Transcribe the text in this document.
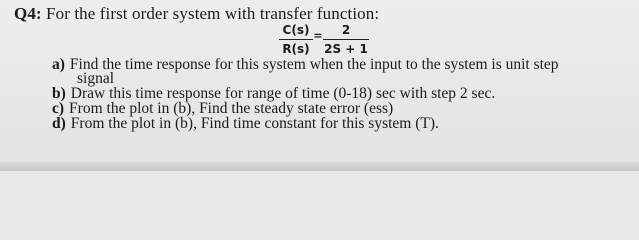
Q4: For the first order system with transfer function:
C(s)
R(s)
=	2
2S + 1
a) Find the time response for this system when the input to the system is unit step
signal
b) Draw this time response for range of time (0-18) sec with step 2 sec.
c) From the plot in (b), Find the steady state error (ess)
d) From the plot in (b), Find time constant for this system (T).
